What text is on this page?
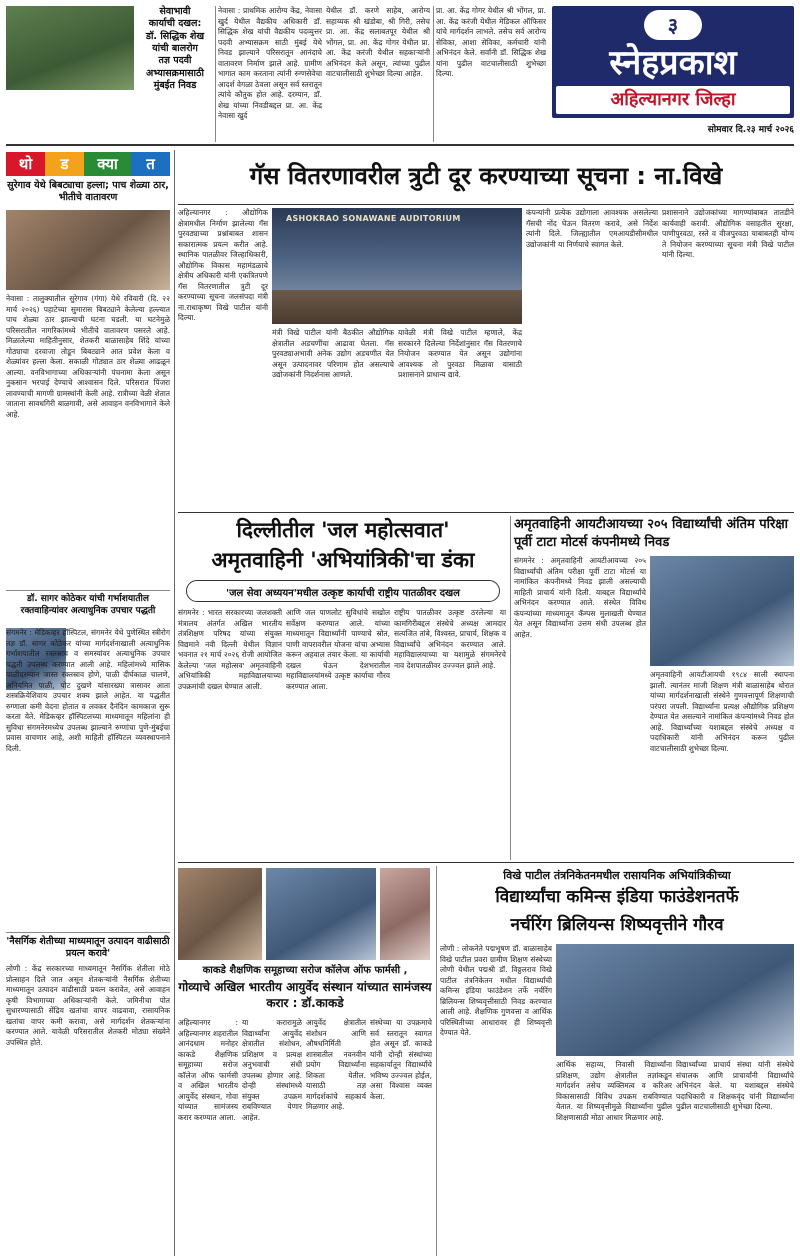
सेवाभावी
कार्याची दखल:
डॉ. सिद्धिक शेख
यांची बालरोग
तज्ञ पदवी
अभ्यासक्रमासाठी
मुंबईत निवड
नेवासा : प्राथमिक आरोग्य केंद्र, नेवासा खुर्द येथील वैद्यकीय अधिकारी डॉ. सिद्धिक शेख यांची वैद्यकीय पदव्युत्तर पदवी अभ्यासक्रम साठी मुंबई येथे निवड झाल्याने परिसरातून आनंदाचे वातावरण निर्माण झाले आहे. ग्रामीण भागात काम करताना त्यांनी रुग्णसेवेचा आदर्श वेगळा ठेवला असून सर्व स्तरातून त्यांचे कौतुक होत आहे. दरम्यान, डॉ. शेख यांच्या निवडीबद्दल प्रा. आ. केंद्र नेवासा खुर्द
येथील डॉ. करणे साहेब, आरोग्य सहाय्यक श्री खंडोबा, श्री गिरी, तसेच प्रा. आ. केंद्र सलाबतपूर येथील श्री भोंगल, प्रा. आ. केंद्र गोगर येथील प्रा. आ. केंद्र करंजी येथील सहकाऱ्यांनी अभिनंदन केले असून, त्यांच्या पुढील वाटचालीसाठी शुभेच्छा दिल्या आहेत.
प्रा. आ. केंद्र गोगर येथील श्री भोंगल, प्रा. आ. केंद्र करंजी येथील मेडिकल ऑफिसर यांचे मार्गदर्शन लाभले. तसेच सर्व आरोग्य सेविका, आशा सेविका, कर्मचारी यांनी अभिनंदन केले. सर्वांनी डॉ. सिद्धिक शेख यांना पुढील वाटचालीसाठी शुभेच्छा दिल्या.
३
स्नेहप्रकाश
अहिल्यानगर जिल्हा
सोमवार दि.२३ मार्च २०२६
थो	ड	क्या	त
सुरेगाव येथे बिबट्याचा हल्ला; पाच शेळ्या ठार, भीतीचे वातावरण
नेवासा : तालुक्यातील सुरेगाव (गंगा) येथे रविवारी (दि. २२ मार्च २०२६) पहाटेच्या सुमारास बिबट्याने केलेल्या हल्ल्यात पाच शेळ्या ठार झाल्याची घटना घडली. या घटनेमुळे परिसरातील नागरिकांमध्ये भीतीचे वातावरण पसरले आहे. मिळालेल्या माहितीनुसार, शेतकरी बाळासाहेब शिंदे यांच्या गोठ्याचा दरवाजा तोडून बिबट्याने आत प्रवेश केला व शेळ्यांवर हल्ला केला. सकाळी गोठ्यात ठार शेळ्या आढळून आल्या. वनविभागाच्या अधिकाऱ्यांनी पंचनामा केला असून नुकसान भरपाई देण्याचे आश्वासन दिले. परिसरात पिंजरा लावण्याची मागणी ग्रामस्थांनी केली आहे. रात्रीच्या वेळी शेतात जाताना सावधगिरी बाळगावी, असे आवाहन वनविभागाने केले आहे.
डॉ. सागर कोठेकर यांची गर्भाशयातील रक्तवाहिन्यांवर अत्याधुनिक उपचार पद्धती
संगमनेर : मेडिकव्हर हॉस्पिटल, संगमनेर येथे पुणेस्थित स्त्रीरोग तज्ञ डॉ. सागर कोठेकर यांच्या मार्गदर्शनाखाली अत्याधुनिक गर्भाशयातील रक्तस्राव व समस्यांवर अत्याधुनिक उपचार पद्धती उपलब्ध करण्यात आली आहे. महिलांमध्ये मासिक पाळीदरम्यान जास्त रक्तस्राव होणे, पाळी दीर्घकाळ चालणे, अनियमित पाळी, पोट दुखणे यांसारख्या त्रासावर आता शस्त्रक्रियेशिवाय उपचार शक्य झाले आहेत. या पद्धतीत रुग्णाला कमी वेदना होतात व लवकर दैनंदिन कामकाज सुरू करता येते. मेडिकव्हर हॉस्पिटलच्या माध्यमातून महिलांना ही सुविधा संगमनेरमध्येच उपलब्ध झाल्याने रुग्णांचा पुणे-मुंबईचा प्रवास वाचणार आहे, अशी माहिती हॉस्पिटल व्यवस्थापनाने दिली.
'नैसर्गिक शेतीच्या माध्यमातून उत्पादन वाढीसाठी प्रयत्न करावे'
लोणी : केंद्र सरकारच्या माध्यमातून नैसर्गिक शेतीला मोठे प्रोत्साहन दिले जात असून शेतकऱ्यांनी नैसर्गिक शेतीच्या माध्यमातून उत्पादन वाढीसाठी प्रयत्न करावेत, असे आवाहन कृषी विभागाच्या अधिकाऱ्यांनी केले. जमिनीचा पोत सुधारण्यासाठी सेंद्रिय खतांचा वापर वाढवावा, रासायनिक खतांचा वापर कमी करावा, असे मार्गदर्शन शेतकऱ्यांना करण्यात आले. यावेळी परिसरातील शेतकरी मोठ्या संख्येने उपस्थित होते.
गॅस वितरणावरील त्रुटी दूर करण्याच्या सूचना : ना.विखे
अहिल्यानगर : औद्योगिक क्षेत्रामधील निर्माण झालेल्या गॅस पुरवठ्याच्या प्रश्नांबाबत शासन सकारात्मक प्रयत्न करीत आहे. स्थानिक पातळीवर जिल्हाधिकारी, औद्योगिक विकास महामंडळाचे क्षेत्रीय अधिकारी यांनी एकत्रितपणे गॅस वितरणातील त्रुटी दूर करण्याच्या सूचना जलसंपदा मंत्री ना.राधाकृष्ण विखे पाटील यांनी दिल्या.
ASHOKRAO SONAWANE AUDITORIUM
मंत्री विखे पाटील यांनी बैठकीत औद्योगिक क्षेत्रातील अडचणींचा आढावा घेतला. गॅस पुरवठ्याअभावी अनेक उद्योग अडचणीत येत असून उत्पादनावर परिणाम होत असल्याचे उद्योजकांनी निदर्शनास आणले.
यावेळी मंत्री विखे पाटील म्हणाले, केंद्र सरकारने दिलेल्या निर्देशांनुसार गॅस वितरणाचे नियोजन करण्यात येत असून उद्योगांना आवश्यक तो पुरवठा मिळावा यासाठी प्रशासनाने प्राधान्य द्यावे.
कंपन्यांनी प्रत्येक उद्योगाला आवश्यक असलेल्या गॅसची नोंद घेऊन वितरण करावे, असे निर्देश त्यांनी दिले. जिल्ह्यातील एमआयडीसीमधील उद्योजकांनी या निर्णयाचे स्वागत केले.
प्रशासनाने उद्योजकांच्या मागण्यांबाबत तातडीने कार्यवाही करावी. औद्योगिक वसाहतीत सुरक्षा, पाणीपुरवठा, रस्ते व वीजपुरवठा याबाबतही योग्य ते नियोजन करण्याच्या सूचना मंत्री विखे पाटील यांनी दिल्या.
दिल्लीतील 'जल महोत्सवात'
अमृतवाहिनी 'अभियांत्रिकी'चा डंका
'जल सेवा अध्ययन'मधील उत्कृष्ट कार्याची राष्ट्रीय पातळीवर दखल
संगमनेर : भारत सरकारच्या जलशक्ती मंत्रालय अंतर्गत अखिल भारतीय तंत्रशिक्षण परिषद यांच्या संयुक्त विद्यमाने नवी दिल्ली येथील विज्ञान भवनात २१ मार्च २०२६ रोजी आयोजित केलेल्या 'जल महोत्सव' अमृतवाहिनी अभियांत्रिकी महाविद्यालयाच्या उपक्रमांची दखल घेण्यात आली.
आणि जल पाणलोट सुविधांचे सखोल सर्वेक्षण करण्यात आले. यांच्या माध्यमातून विद्यार्थ्यांनी पाण्याचे स्रोत, पाणी वापरावरील योजना यांचा अभ्यास करून अहवाल तयार केला. या कार्याची दखल घेऊन देशभरातील महाविद्यालयांमध्ये उत्कृष्ट कार्याचा गौरव करण्यात आला.
राष्ट्रीय पातळीवर उत्कृष्ट ठरलेल्या या कामगिरीबद्दल संस्थेचे अध्यक्ष आमदार सत्यजित तांबे, विश्वस्त, प्राचार्य, शिक्षक व विद्यार्थ्यांचे अभिनंदन करण्यात आले. महाविद्यालयाच्या या यशामुळे संगमनेरचे नाव देशपातळीवर उज्ज्वल झाले आहे.
अमृतवाहिनी आयटीआयच्या २०५ विद्यार्थ्यांची अंतिम परिक्षा पूर्वी टाटा मोटर्स कंपनीमध्ये निवड
संगमनेर : अमृतवाहिनी आयटीआयच्या २०५ विद्यार्थ्यांची अंतिम परीक्षा पूर्वी टाटा मोटर्स या नामांकित कंपनीमध्ये निवड झाली असल्याची माहिती प्राचार्य यांनी दिली. याबद्दल विद्यार्थ्यांचे अभिनंदन करण्यात आले. संस्थेत विविध कंपन्यांच्या माध्यमातून कॅम्पस मुलाखती घेण्यात येत असून विद्यार्थ्यांना उत्तम संधी उपलब्ध होत आहेत.
अमृतवाहिनी आयटीआयची १९८४ साली स्थापना झाली. त्यानंतर माजी शिक्षण मंत्री बाळासाहेब थोरात यांच्या मार्गदर्शनाखाली संस्थेने गुणवत्तापूर्ण शिक्षणाची परंपरा जपली. विद्यार्थ्यांना प्रत्यक्ष औद्योगिक प्रशिक्षण देण्यात येत असल्याने नामांकित कंपन्यांमध्ये निवड होत आहे. विद्यार्थ्यांच्या यशाबद्दल संस्थेचे अध्यक्ष व पदाधिकारी यांनी अभिनंदन करून पुढील वाटचालीसाठी शुभेच्छा दिल्या.
काकडे शैक्षणिक समूहाच्या सरोज कॉलेज ऑफ फार्मसी ,
गोव्याचे अखिल भारतीय आयुर्वेद संस्थान यांच्यात सामंजस्य करार : डॉ.काकडे
अहिल्यानगर : अहिल्यानगर शहरातील आनंदधाम मनोहर काकडे शैक्षणिक समूहाच्या सरोज कॉलेज ऑफ फार्मसी व अखिल भारतीय आयुर्वेद संस्थान, गोवा यांच्यात सामंजस्य करार करण्यात आला.
या करारामुळे विद्यार्थ्यांना आयुर्वेद क्षेत्रातील संशोधन, प्रशिक्षण व प्रत्यक्ष अनुभवाची संधी उपलब्ध होणार आहे. दोन्ही संस्थांमध्ये संयुक्त उपक्रम राबविण्यात येणार आहेत.
आयुर्वेद क्षेत्रातील संशोधन आणि औषधनिर्मिती शास्त्रातील नवनवीन प्रयोग विद्यार्थ्यांना शिकता येतील. यासाठी तज्ञ मार्गदर्शकांचे सहकार्य मिळणार आहे.
संस्थेच्या या उपक्रमाचे सर्व स्तरातून स्वागत होत असून डॉ. काकडे यांनी दोन्ही संस्थांच्या सहकार्यातून विद्यार्थ्यांचे भविष्य उज्ज्वल होईल, असा विश्वास व्यक्त केला.
विखे पाटील तंत्रनिकेतनमधील रासायनिक अभियांत्रिकीच्या
विद्यार्थ्यांचा कमिन्स इंडिया फाउंडेशनतर्फे
नर्चरिंग ब्रिलियन्स शिष्यवृत्तीने गौरव
लोणी : लोकनेते पद्मभूषण डॉ. बाळासाहेब विखे पाटील प्रवरा ग्रामीण शिक्षण संस्थेच्या लोणी येथील पद्मश्री डॉ. विठ्ठलराव विखे पाटील तंत्रनिकेतन मधील विद्यार्थ्यांची कमिन्स इंडिया फाउंडेशन तर्फे नर्चरिंग ब्रिलियन्स शिष्यवृत्तीसाठी निवड करण्यात आली आहे. शैक्षणिक गुणवत्ता व आर्थिक परिस्थितीच्या आधारावर ही शिष्यवृत्ती देण्यात येते.
आर्थिक सहाय्य, निवासी विद्यार्थ्यांना प्रशिक्षण, उद्योग क्षेत्रातील तज्ञांकडून मार्गदर्शन तसेच व्यक्तिमत्व व करिअर विकासासाठी विविध उपक्रम राबविण्यात येतात. या शिष्यवृत्तीमुळे विद्यार्थ्यांना पुढील शिक्षणासाठी मोठा आधार मिळणार आहे.
विद्यार्थ्यांच्या प्राचार्य संस्था यांनी संस्थेचे संचालक आणि प्राचार्यांनी विद्यार्थ्यांचे अभिनंदन केले. या यशाबद्दल संस्थेचे पदाधिकारी व शिक्षकवृंद यांनी विद्यार्थ्यांना पुढील वाटचालीसाठी शुभेच्छा दिल्या.
